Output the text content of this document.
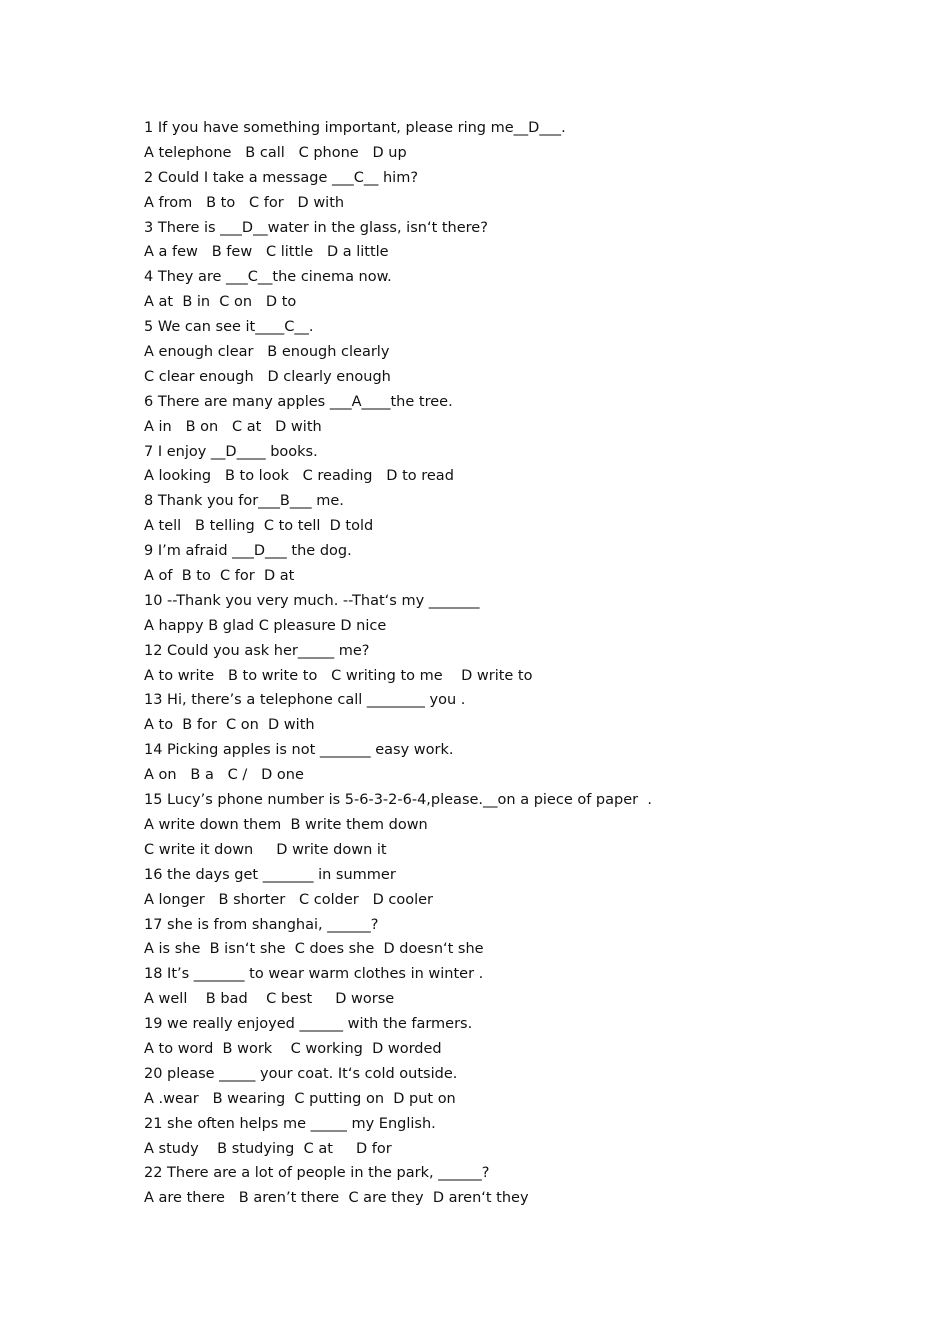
1 If you have something important, please ring me__D___.
A telephone   B call   C phone   D up
2 Could I take a message ___C__ him?
A from   B to   C for   D with
3 There is ___D__water in the glass, isn‘t there?
A a few   B few   C little   D a little
4 They are ___C__the cinema now.
A at  B in  C on   D to
5 We can see it____C__.
A enough clear   B enough clearly
C clear enough   D clearly enough
6 There are many apples ___A____the tree.
A in   B on   C at   D with
7 I enjoy __D____ books.
A looking   B to look   C reading   D to read
8 Thank you for___B___ me.
A tell   B telling  C to tell  D told
9 I’m afraid ___D___ the dog.
A of  B to  C for  D at
10 --Thank you very much. --That‘s my _______
A happy B glad C pleasure D nice
12 Could you ask her_____ me?
A to write   B to write to   C writing to me    D write to
13 Hi, there’s a telephone call ________ you .
A to  B for  C on  D with
14 Picking apples is not _______ easy work.
A on   B a   C /   D one
15 Lucy’s phone number is 5-6-3-2-6-4,please.__on a piece of paper  .
A write down them  B write them down
C write it down     D write down it
16 the days get _______ in summer
A longer   B shorter   C colder   D cooler
17 she is from shanghai, ______?
A is she  B isn‘t she  C does she  D doesn‘t she
18 It’s _______ to wear warm clothes in winter .
A well    B bad    C best     D worse
19 we really enjoyed ______ with the farmers.
A to word  B work    C working  D worded
20 please _____ your coat. It‘s cold outside.
A .wear   B wearing  C putting on  D put on
21 she often helps me _____ my English.
A study    B studying  C at     D for
22 There are a lot of people in the park, ______?
A are there   B aren’t there  C are they  D aren‘t they
